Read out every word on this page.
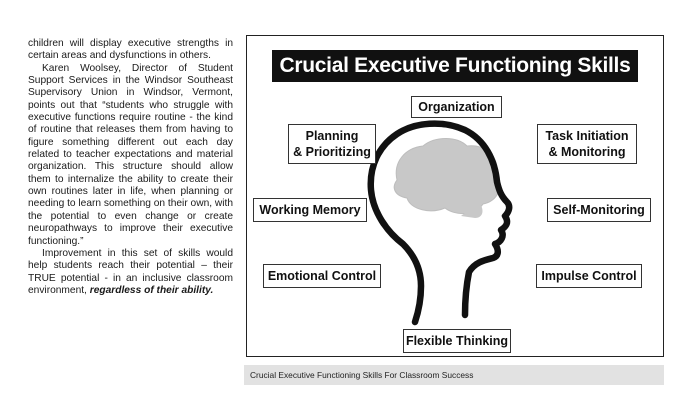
children will display executive strengths in certain areas and dysfunctions in others.

Karen Woolsey, Director of Student Support Services in the Windsor Southeast Supervisory Union in Windsor, Vermont, points out that “students who struggle with executive functions require routine - the kind of routine that releases them from having to figure something different out each day related to teacher expectations and material organization. This structure should allow them to internalize the ability to create their own routines later in life, when planning or needing to learn something on their own, with the potential to even change or create neuropathways to improve their executive functioning.”

Improvement in this set of skills would help students reach their potential – their TRUE potential - in an inclusive classroom environment, regardless of their ability.

Crucial Executive Functioning Skills
Organization
Planning
& Prioritizing
Task Initiation
& Monitoring
Working Memory	Self-Monitoring
Emotional Control	Impulse Control
Flexible Thinking
Crucial Executive Functioning Skills For Classroom Success
